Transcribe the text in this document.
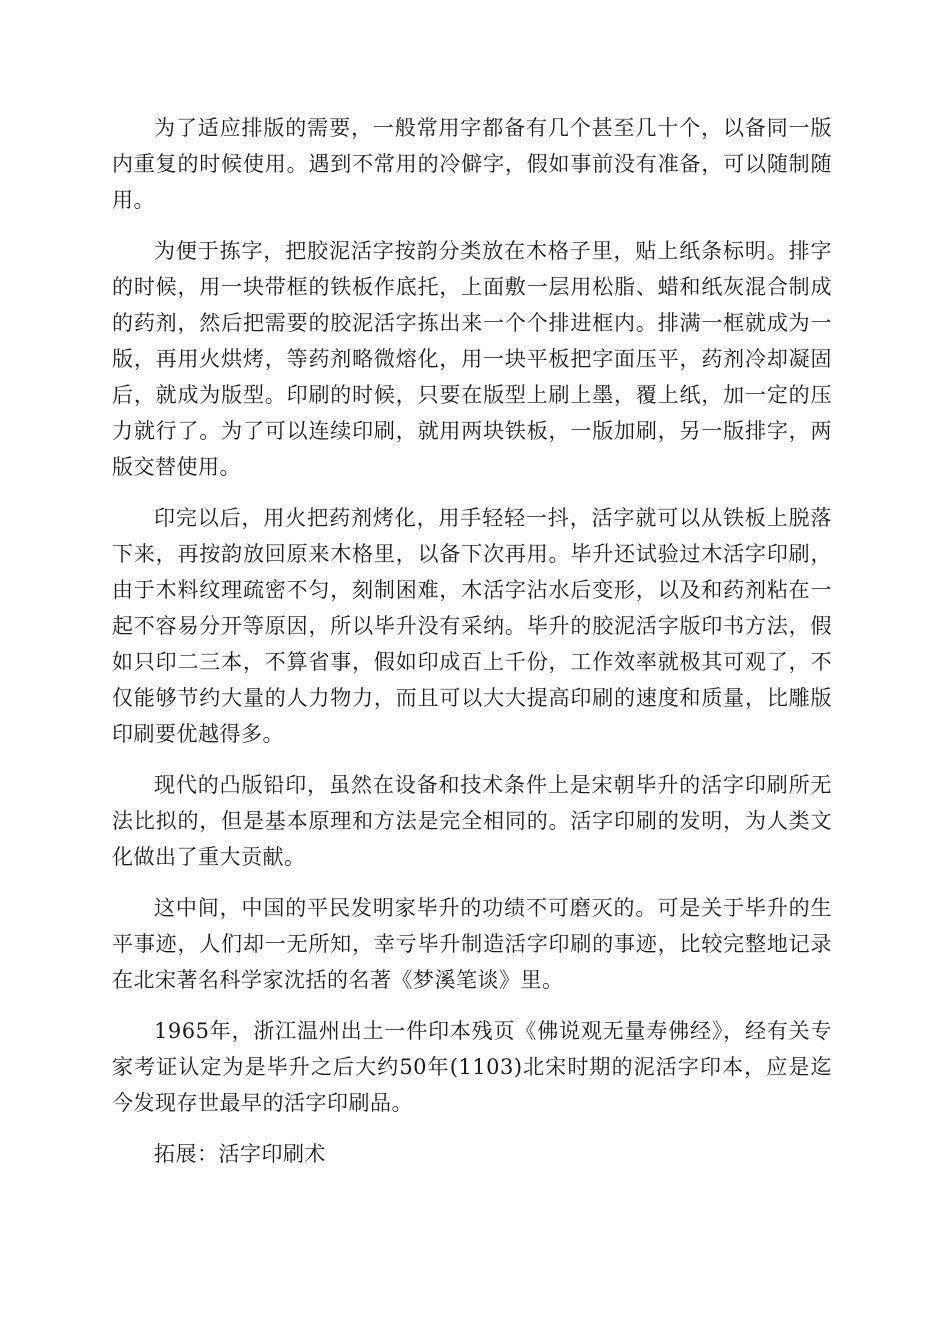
为了适应排版的需要，一般常用字都备有几个甚至几十个，以备同一版内重复的时候使用。遇到不常用的冷僻字，假如事前没有准备，可以随制随用。

为便于拣字，把胶泥活字按韵分类放在木格子里，贴上纸条标明。排字的时候，用一块带框的铁板作底托，上面敷一层用松脂、蜡和纸灰混合制成的药剂，然后把需要的胶泥活字拣出来一个个排进框内。排满一框就成为一版，再用火烘烤，等药剂略微熔化，用一块平板把字面压平，药剂冷却凝固后，就成为版型。印刷的时候，只要在版型上刷上墨，覆上纸，加一定的压力就行了。为了可以连续印刷，就用两块铁板，一版加刷，另一版排字，两版交替使用。

印完以后，用火把药剂烤化，用手轻轻一抖，活字就可以从铁板上脱落下来，再按韵放回原来木格里，以备下次再用。毕升还试验过木活字印刷，由于木料纹理疏密不匀，刻制困难，木活字沾水后变形，以及和药剂粘在一起不容易分开等原因，所以毕升没有采纳。毕升的胶泥活字版印书方法，假如只印二三本，不算省事，假如印成百上千份，工作效率就极其可观了，不仅能够节约大量的人力物力，而且可以大大提高印刷的速度和质量，比雕版印刷要优越得多。

现代的凸版铅印，虽然在设备和技术条件上是宋朝毕升的活字印刷所无法比拟的，但是基本原理和方法是完全相同的。活字印刷的发明，为人类文化做出了重大贡献。

这中间，中国的平民发明家毕升的功绩不可磨灭的。可是关于毕升的生平事迹，人们却一无所知，幸亏毕升制造活字印刷的事迹，比较完整地记录在北宋著名科学家沈括的名著《梦溪笔谈》里。

1965年，浙江温州出土一件印本残页《佛说观无量寿佛经》，经有关专家考证认定为是毕升之后大约50年(1103)北宋时期的泥活字印本，应是迄今发现存世最早的活字印刷品。

拓展：活字印刷术
